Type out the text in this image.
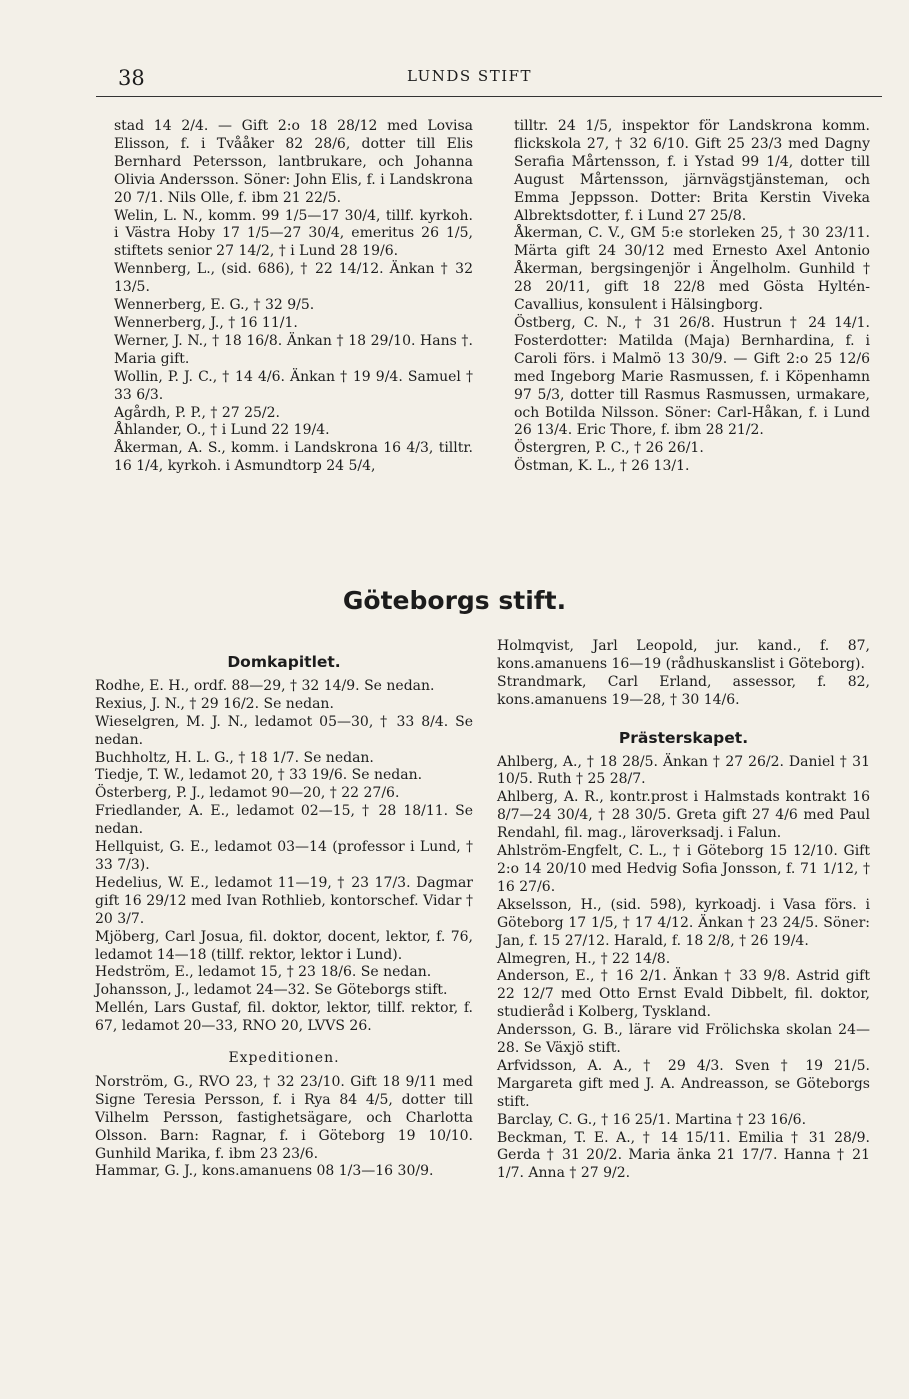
38	LUNDS STIFT

stad 14 2/4. — Gift 2:o 18 28/12 med Lovisa Elisson, f. i Tvååker 82 28/6, dotter till Elis Bernhard Petersson, lantbrukare, och Johanna Olivia Andersson. Söner: John Elis, f. i Landskrona 20 7/1. Nils Olle, f. ibm 21 22/5.

Welin, L. N., komm. 99 1/5—17 30/4, tillf. kyrkoh. i Västra Hoby 17 1/5—27 30/4, emeritus 26 1/5, stiftets senior 27 14/2, † i Lund 28 19/6.

Wennberg, L., (sid. 686), † 22 14/12. Änkan † 32 13/5.

Wennerberg, E. G., † 32 9/5.

Wennerberg, J., † 16 11/1.

Werner, J. N., † 18 16/8. Änkan † 18 29/10. Hans †. Maria gift.

Wollin, P. J. C., † 14 4/6. Änkan † 19 9/4. Samuel † 33 6/3.

Agårdh, P. P., † 27 25/2.

Åhlander, O., † i Lund 22 19/4.

Åkerman, A. S., komm. i Landskrona 16 4/3, tilltr. 16 1/4, kyrkoh. i Asmundtorp 24 5/4,

tilltr. 24 1/5, inspektor för Landskrona komm. flickskola 27, † 32 6/10. Gift 25 23/3 med Dagny Serafia Mårtensson, f. i Ystad 99 1/4, dotter till August Mårtensson, järnvägstjänsteman, och Emma Jeppsson. Dotter: Brita Kerstin Viveka Albrektsdotter, f. i Lund 27 25/8.

Åkerman, C. V., GM 5:e storleken 25, † 30 23/11. Märta gift 24 30/12 med Ernesto Axel Antonio Åkerman, bergsingenjör i Ängelholm. Gunhild † 28 20/11, gift 18 22/8 med Gösta Hyltén-Cavallius, konsulent i Hälsingborg.

Östberg, C. N., † 31 26/8. Hustrun † 24 14/1. Fosterdotter: Matilda (Maja) Bernhardina, f. i Caroli förs. i Malmö 13 30/9. — Gift 2:o 25 12/6 med Ingeborg Marie Rasmussen, f. i Köpenhamn 97 5/3, dotter till Rasmus Rasmussen, urmakare, och Botilda Nilsson. Söner: Carl-Håkan, f. i Lund 26 13/4. Eric Thore, f. ibm 28 21/2.

Östergren, P. C., † 26 26/1.

Östman, K. L., † 26 13/1.

Göteborgs stift.
Domkapitlet.

Rodhe, E. H., ordf. 88—29, † 32 14/9. Se nedan.

Rexius, J. N., † 29 16/2. Se nedan.

Wieselgren, M. J. N., ledamot 05—30, † 33 8/4. Se nedan.

Buchholtz, H. L. G., † 18 1/7. Se nedan.

Tiedje, T. W., ledamot 20, † 33 19/6. Se nedan.

Österberg, P. J., ledamot 90—20, † 22 27/6.

Friedlander, A. E., ledamot 02—15, † 28 18/11. Se nedan.

Hellquist, G. E., ledamot 03—14 (professor i Lund, † 33 7/3).

Hedelius, W. E., ledamot 11—19, † 23 17/3. Dagmar gift 16 29/12 med Ivan Rothlieb, kontorschef. Vidar † 20 3/7.

Mjöberg, Carl Josua, fil. doktor, docent, lektor, f. 76, ledamot 14—18 (tillf. rektor, lektor i Lund).

Hedström, E., ledamot 15, † 23 18/6. Se nedan.

Johansson, J., ledamot 24—32. Se Göteborgs stift.

Mellén, Lars Gustaf, fil. doktor, lektor, tillf. rektor, f. 67, ledamot 20—33, RNO 20, LVVS 26.

Expeditionen.

Norström, G., RVO 23, † 32 23/10. Gift 18 9/11 med Signe Teresia Persson, f. i Rya 84 4/5, dotter till Vilhelm Persson, fastighetsägare, och Charlotta Olsson. Barn: Ragnar, f. i Göteborg 19 10/10. Gunhild Marika, f. ibm 23 23/6.

Hammar, G. J., kons.amanuens 08 1/3—16 30/9.

Holmqvist, Jarl Leopold, jur. kand., f. 87, kons.amanuens 16—19 (rådhuskanslist i Göteborg).

Strandmark, Carl Erland, assessor, f. 82, kons.amanuens 19—28, † 30 14/6.

Prästerskapet.

Ahlberg, A., † 18 28/5. Änkan † 27 26/2. Daniel † 31 10/5. Ruth † 25 28/7.

Ahlberg, A. R., kontr.prost i Halmstads kontrakt 16 8/7—24 30/4, † 28 30/5. Greta gift 27 4/6 med Paul Rendahl, fil. mag., läroverksadj. i Falun.

Ahlström-Engfelt, C. L., † i Göteborg 15 12/10. Gift 2:o 14 20/10 med Hedvig Sofia Jonsson, f. 71 1/12, † 16 27/6.

Akselsson, H., (sid. 598), kyrkoadj. i Vasa förs. i Göteborg 17 1/5, † 17 4/12. Änkan † 23 24/5. Söner: Jan, f. 15 27/12. Harald, f. 18 2/8, † 26 19/4.

Almegren, H., † 22 14/8.

Anderson, E., † 16 2/1. Änkan † 33 9/8. Astrid gift 22 12/7 med Otto Ernst Evald Dibbelt, fil. doktor, studieråd i Kolberg, Tyskland.

Andersson, G. B., lärare vid Frölichska skolan 24—28. Se Växjö stift.

Arfvidsson, A. A., † 29 4/3. Sven † 19 21/5. Margareta gift med J. A. Andreasson, se Göteborgs stift.

Barclay, C. G., † 16 25/1. Martina † 23 16/6.

Beckman, T. E. A., † 14 15/11. Emilia † 31 28/9. Gerda † 31 20/2. Maria änka 21 17/7. Hanna † 21 1/7. Anna † 27 9/2.
